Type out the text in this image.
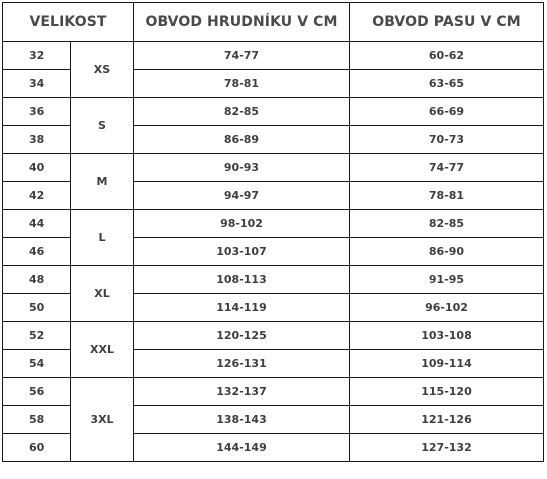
VELIKOST		OBVOD HRUDNÍKU V CM	OBVOD PASU V CM
32	XS	74-77	60-62
34		78-81	63-65
36	S	82-85	66-69
38		86-89	70-73
40	M	90-93	74-77
42		94-97	78-81
44	L	98-102	82-85
46		103-107	86-90
48	XL	108-113	91-95
50		114-119	96-102
52	XXL	120-125	103-108
54		126-131	109-114
56	3XL	132-137	115-120
58		138-143	121-126
60		144-149	127-132
